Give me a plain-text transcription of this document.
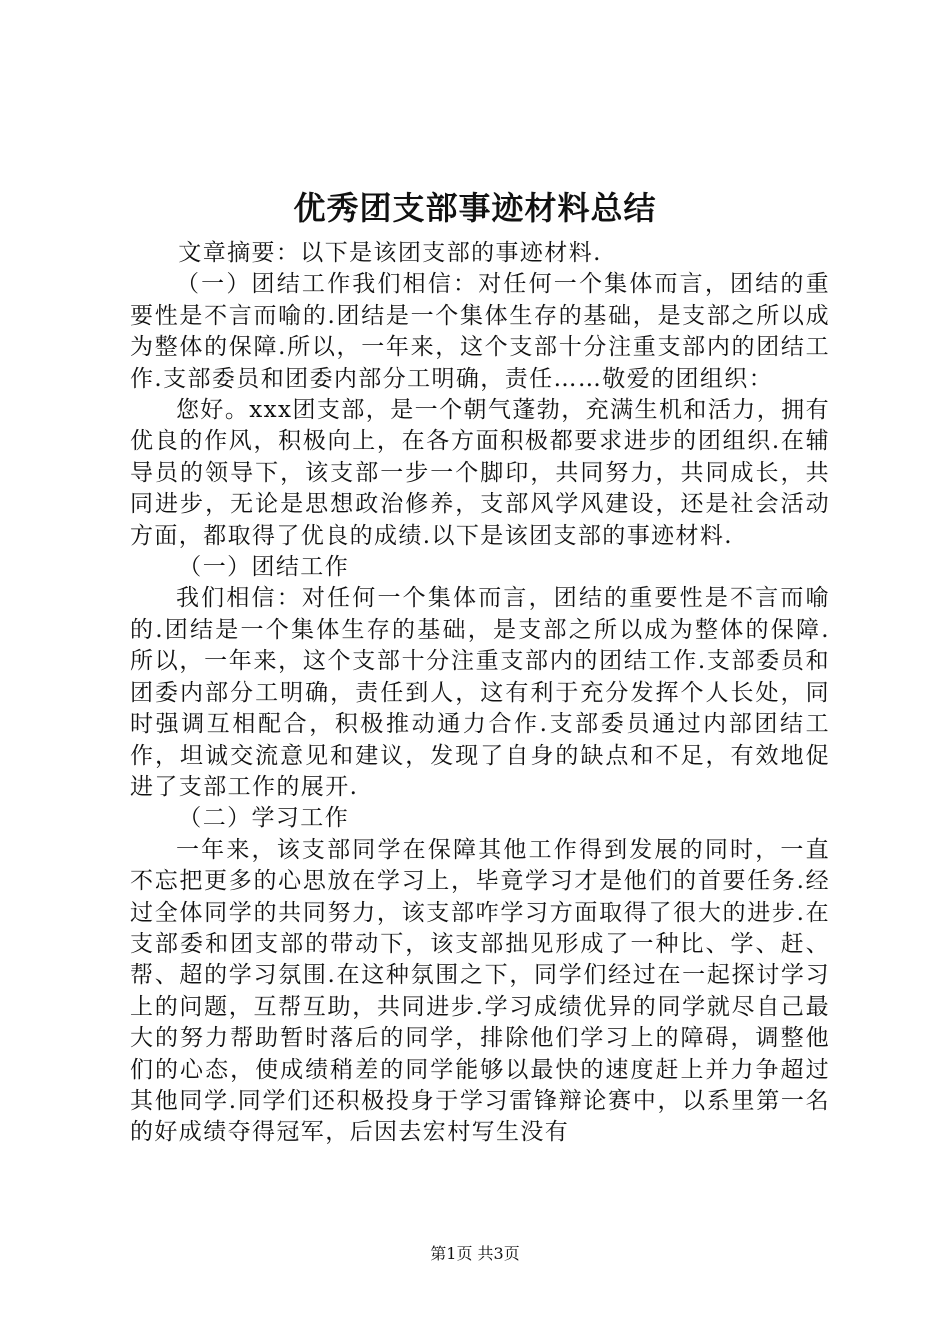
优秀团支部事迹材料总结

文章摘要：以下是该团支部的事迹材料.

（一）团结工作我们相信：对任何一个集体而言，团结的重要性是不言而喻的.团结是一个集体生存的基础，是支部之所以成为整体的保障.所以，一年来，这个支部十分注重支部内的团结工作.支部委员和团委内部分工明确，责任……敬爱的团组织：

您好。xxx团支部，是一个朝气蓬勃，充满生机和活力，拥有优良的作风，积极向上，在各方面积极都要求进步的团组织.在辅导员的领导下，该支部一步一个脚印，共同努力，共同成长，共同进步，无论是思想政治修养，支部风学风建设，还是社会活动方面，都取得了优良的成绩.以下是该团支部的事迹材料.

（一）团结工作

我们相信：对任何一个集体而言，团结的重要性是不言而喻的.团结是一个集体生存的基础，是支部之所以成为整体的保障.所以，一年来，这个支部十分注重支部内的团结工作.支部委员和团委内部分工明确，责任到人，这有利于充分发挥个人长处，同时强调互相配合，积极推动通力合作.支部委员通过内部团结工作，坦诚交流意见和建议，发现了自身的缺点和不足，有效地促进了支部工作的展开.

（二）学习工作

一年来，该支部同学在保障其他工作得到发展的同时，一直不忘把更多的心思放在学习上，毕竟学习才是他们的首要任务.经过全体同学的共同努力，该支部咋学习方面取得了很大的进步.在支部委和团支部的带动下，该支部拙见形成了一种比、学、赶、帮、超的学习氛围.在这种氛围之下，同学们经过在一起探讨学习上的问题，互帮互助，共同进步.学习成绩优异的同学就尽自己最大的努力帮助暂时落后的同学，排除他们学习上的障碍，调整他们的心态，使成绩稍差的同学能够以最快的速度赶上并力争超过其他同学.同学们还积极投身于学习雷锋辩论赛中，以系里第一名的好成绩夺得冠军，后因去宏村写生没有

第1页 共3页
